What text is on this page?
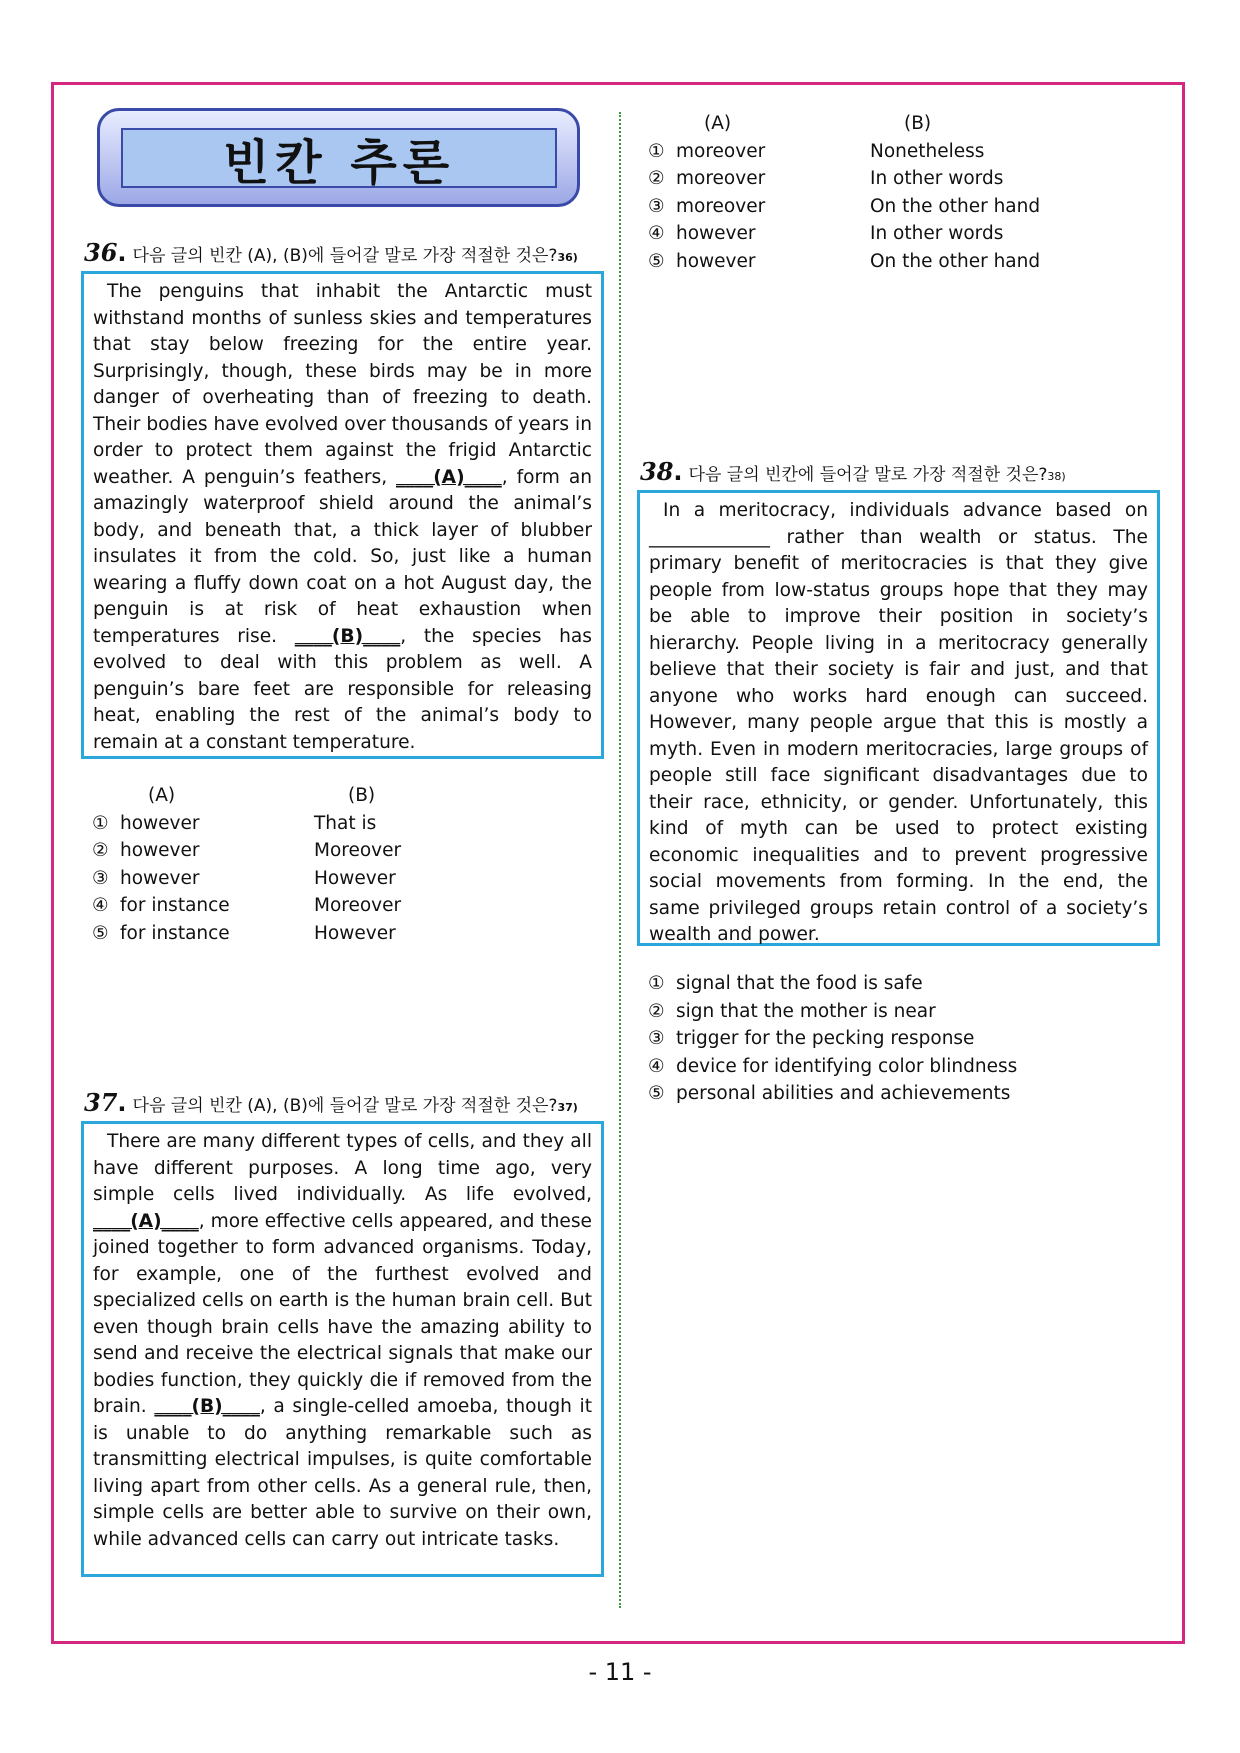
빈칸 추론
36 . 다음 글의 빈칸 (A), (B)에 들어갈 말로 가장 적절한 것은? 36)
The penguins that inhabit the Antarctic must withstand months of sunless skies and temperatures that stay below freezing for the entire year. Surprisingly, though, these birds may be in more danger of overheating than of freezing to death. Their bodies have evolved over thousands of years in order to protect them against the frigid Antarctic weather. A penguin’s feathers, ____(A)____, form an amazingly waterproof shield around the animal’s body, and beneath that, a thick layer of blubber insulates it from the cold. So, just like a human wearing a fluffy down coat on a hot August day, the penguin is at risk of heat exhaustion when temperatures rise. ____(B)____, the species has evolved to deal with this problem as well. A penguin’s bare feet are responsible for releasing heat, enabling the rest of the animal’s body to remain at a constant temperature.
(A)	(B)
① however	That is
② however	Moreover
③ however	However
④ for instance	Moreover
⑤ for instance	However
37 . 다음 글의 빈칸 (A), (B)에 들어갈 말로 가장 적절한 것은? 37)
There are many different types of cells, and they all have different purposes. A long time ago, very simple cells lived individually. As life evolved, ____(A)____, more effective cells appeared, and these joined together to form advanced organisms. Today, for example, one of the furthest evolved and specialized cells on earth is the human brain cell. But even though brain cells have the amazing ability to send and receive the electrical signals that make our bodies function, they quickly die if removed from the brain. ____(B)____, a single-celled amoeba, though it is unable to do anything remarkable such as transmitting electrical impulses, is quite comfortable living apart from other cells. As a general rule, then, simple cells are better able to survive on their own, while advanced cells can carry out intricate tasks.
(A)	(B)
① moreover	Nonetheless
② moreover	In other words
③ moreover	On the other hand
④ however	In other words
⑤ however	On the other hand
38 . 다음 글의 빈칸에 들어갈 말로 가장 적절한 것은? 38)
In a meritocracy, individuals advance based on _____________ rather than wealth or status. The primary benefit of meritocracies is that they give people from low-status groups hope that they may be able to improve their position in society’s hierarchy. People living in a meritocracy generally believe that their society is fair and just, and that anyone who works hard enough can succeed. However, many people argue that this is mostly a myth. Even in modern meritocracies, large groups of people still face significant disadvantages due to their race, ethnicity, or gender. Unfortunately, this kind of myth can be used to protect existing economic inequalities and to prevent progressive social movements from forming. In the end, the same privileged groups retain control of a society’s wealth and power.
① signal that the food is safe
② sign that the mother is near
③ trigger for the pecking response
④ device for identifying color blindness
⑤ personal abilities and achievements
- 11 -
